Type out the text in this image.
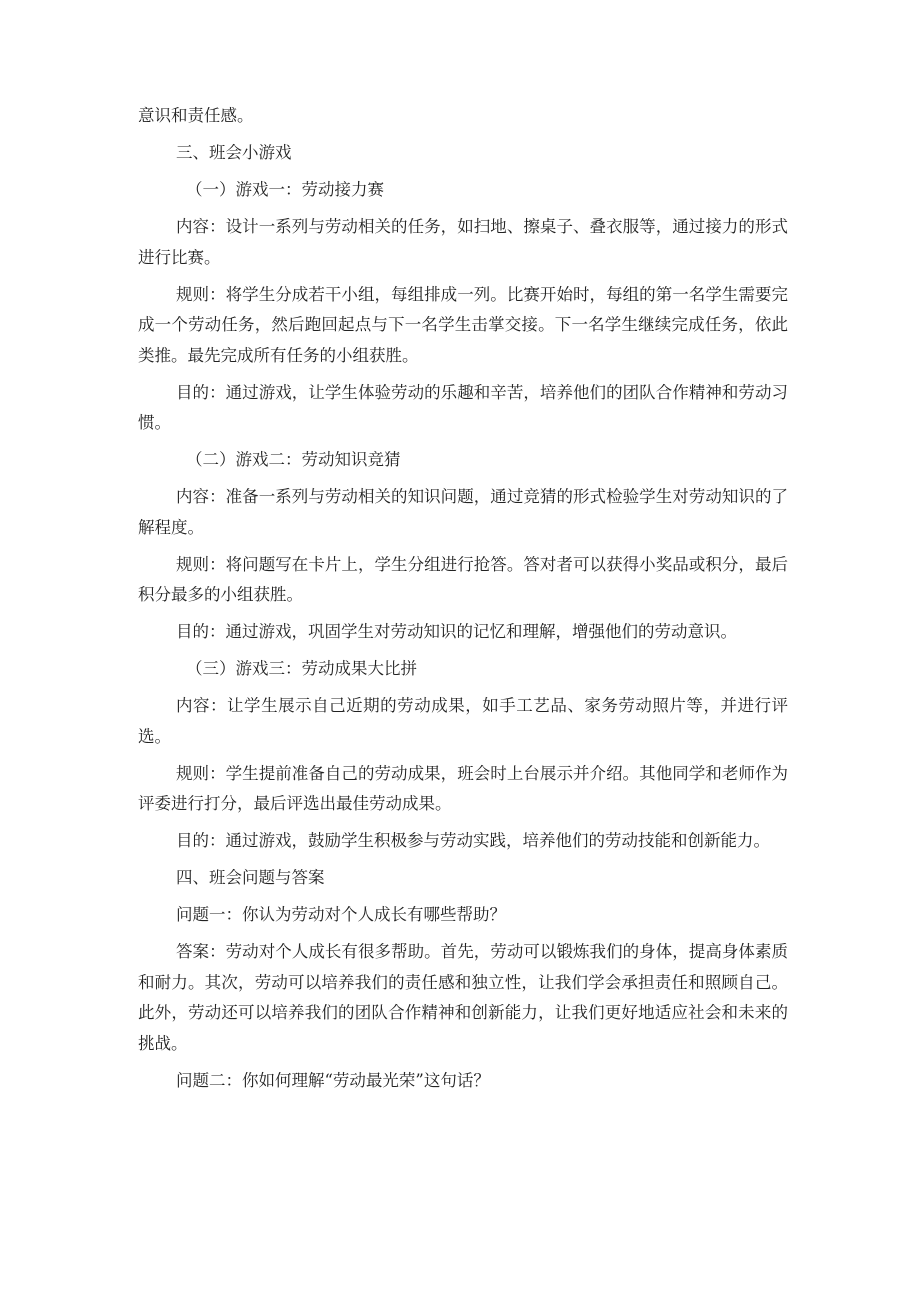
意识和责任感。

三、班会小游戏

（一）游戏一：劳动接力赛

内容：设计一系列与劳动相关的任务，如扫地、擦桌子、叠衣服等，通过接力的形式进行比赛。

规则：将学生分成若干小组，每组排成一列。比赛开始时，每组的第一名学生需要完成一个劳动任务，然后跑回起点与下一名学生击掌交接。下一名学生继续完成任务，依此类推。最先完成所有任务的小组获胜。

目的：通过游戏，让学生体验劳动的乐趣和辛苦，培养他们的团队合作精神和劳动习惯。

（二）游戏二：劳动知识竞猜

内容：准备一系列与劳动相关的知识问题，通过竞猜的形式检验学生对劳动知识的了解程度。

规则：将问题写在卡片上，学生分组进行抢答。答对者可以获得小奖品或积分，最后积分最多的小组获胜。

目的：通过游戏，巩固学生对劳动知识的记忆和理解，增强他们的劳动意识。

（三）游戏三：劳动成果大比拼

内容：让学生展示自己近期的劳动成果，如手工艺品、家务劳动照片等，并进行评选。

规则：学生提前准备自己的劳动成果，班会时上台展示并介绍。其他同学和老师作为评委进行打分，最后评选出最佳劳动成果。

目的：通过游戏，鼓励学生积极参与劳动实践，培养他们的劳动技能和创新能力。

四、班会问题与答案

问题一：你认为劳动对个人成长有哪些帮助？

答案：劳动对个人成长有很多帮助。首先，劳动可以锻炼我们的身体，提高身体素质和耐力。其次，劳动可以培养我们的责任感和独立性，让我们学会承担责任和照顾自己。此外，劳动还可以培养我们的团队合作精神和创新能力，让我们更好地适应社会和未来的挑战。

问题二：你如何理解“劳动最光荣”这句话？
